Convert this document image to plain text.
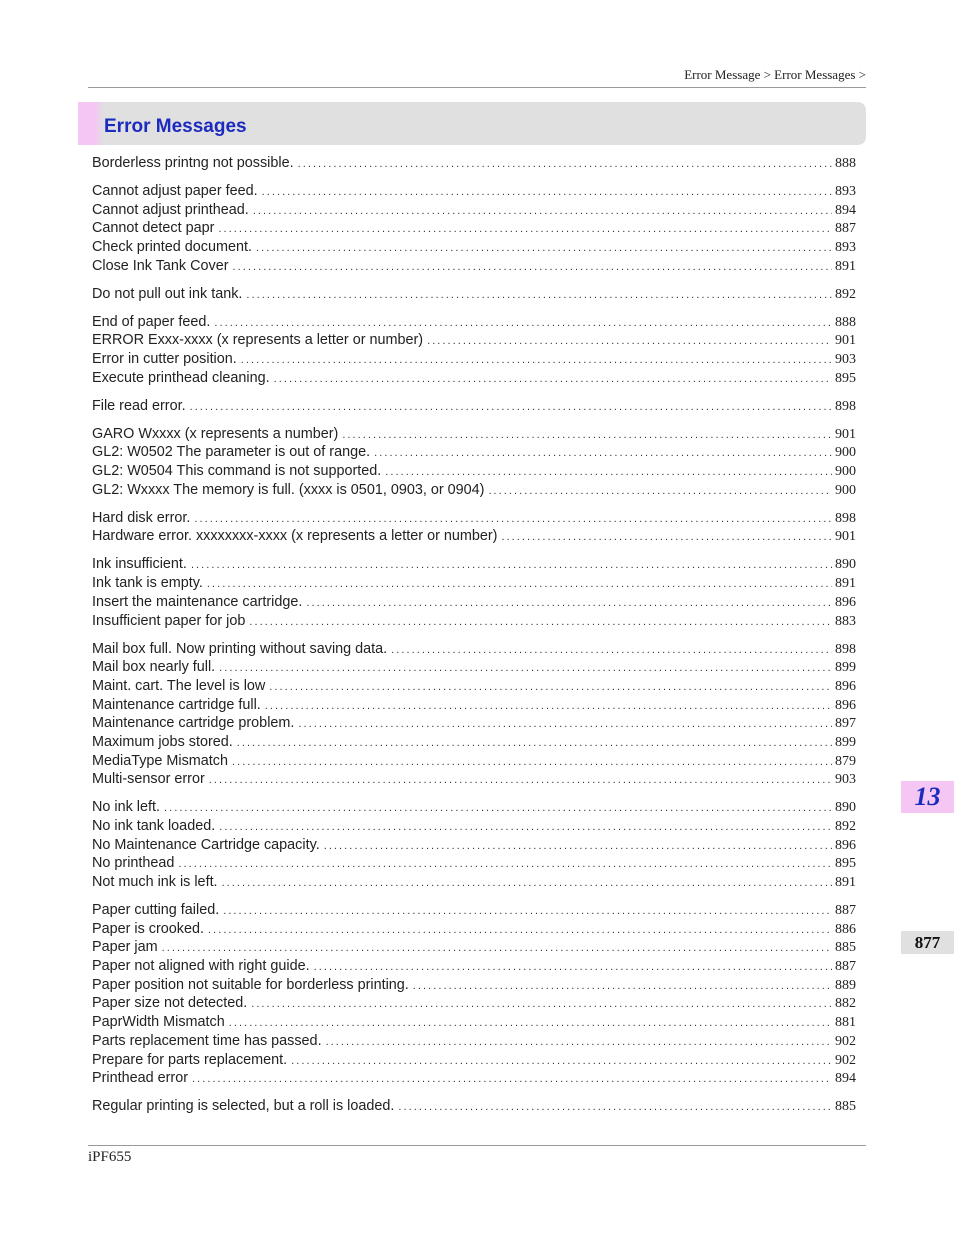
Error Message > Error Messages >
Error Messages
Borderless printng not possible. . . .	888
Cannot adjust paper feed. . . .	893
Cannot adjust printhead. . . .	894
Cannot detect papr . . .	887
Check printed document. . . .	893
Close Ink Tank Cover . . .	891
Do not pull out ink tank. . . .	892
End of paper feed. . . .	888
ERROR Exxx-xxxx (x represents a letter or number) . . .	901
Error in cutter position. . . .	903
Execute printhead cleaning. . . .	895
File read error. . . .	898
GARO Wxxxx (x represents a number) . . .	901
GL2: W0502 The parameter is out of range. . . .	900
GL2: W0504 This command is not supported. . . .	900
GL2: Wxxxx The memory is full. (xxxx is 0501, 0903, or 0904) . . .	900
Hard disk error. . . .	898
Hardware error. xxxxxxxx-xxxx (x represents a letter or number) . . .	901
Ink insufficient. . . .	890
Ink tank is empty. . . .	891
Insert the maintenance cartridge. . . .	896
Insufficient paper for job . . .	883
Mail box full. Now printing without saving data. . . .	898
Mail box nearly full. . . .	899
Maint. cart. The level is low . . .	896
Maintenance cartridge full. . . .	896
Maintenance cartridge problem. . . .	897
Maximum jobs stored. . . .	899
MediaType Mismatch . . .	879
Multi-sensor error . . .	903
No ink left. . . .	890
No ink tank loaded. . . .	892
No Maintenance Cartridge capacity. . . .	896
No printhead . . .	895
Not much ink is left. . . .	891
Paper cutting failed. . . .	887
Paper is crooked. . . .	886
Paper jam . . .	885
Paper not aligned with right guide. . . .	887
Paper position not suitable for borderless printing. . . .	889
Paper size not detected. . . .	882
PaprWidth Mismatch . . .	881
Parts replacement time has passed. . . .	902
Prepare for parts replacement. . . .	902
Printhead error . . .	894
Regular printing is selected, but a roll is loaded. . . .	885
13
877
iPF655
